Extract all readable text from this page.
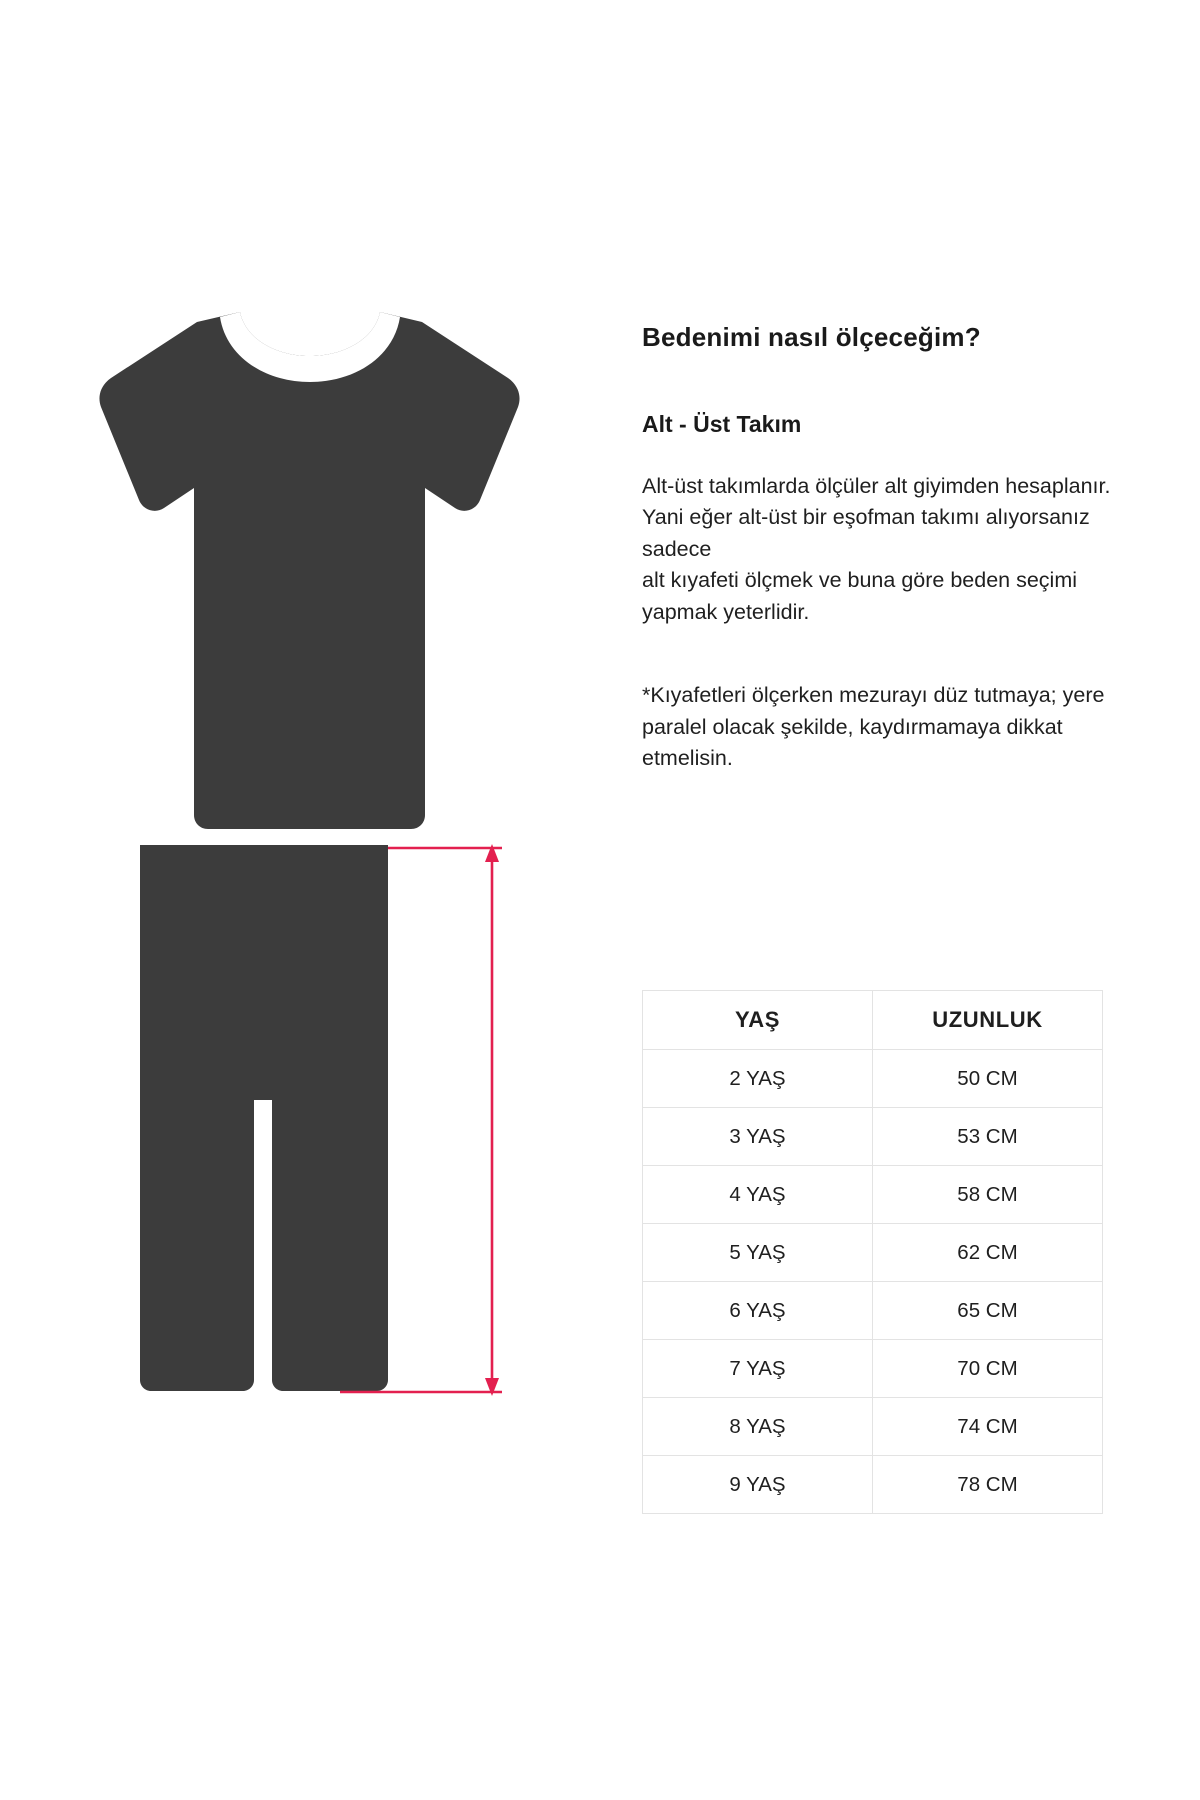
Bedenimi nasıl ölçeceğim?
Alt - Üst Takım

Alt-üst takımlarda ölçüler alt giyimden hesaplanır.
Yani eğer alt-üst bir eşofman takımı alıyorsanız sadece
alt kıyafeti ölçmek ve buna göre beden seçimi yapmak yeterlidir.

*Kıyafetleri ölçerken mezurayı düz tutmaya; yere paralel olacak şekilde, kaydırmamaya dikkat etmelisin.

YAŞ	UZUNLUK
2 YAŞ	50 CM
3 YAŞ	53 CM
4 YAŞ	58 CM
5 YAŞ	62 CM
6 YAŞ	65 CM
7 YAŞ	70 CM
8 YAŞ	74 CM
9 YAŞ	78 CM
